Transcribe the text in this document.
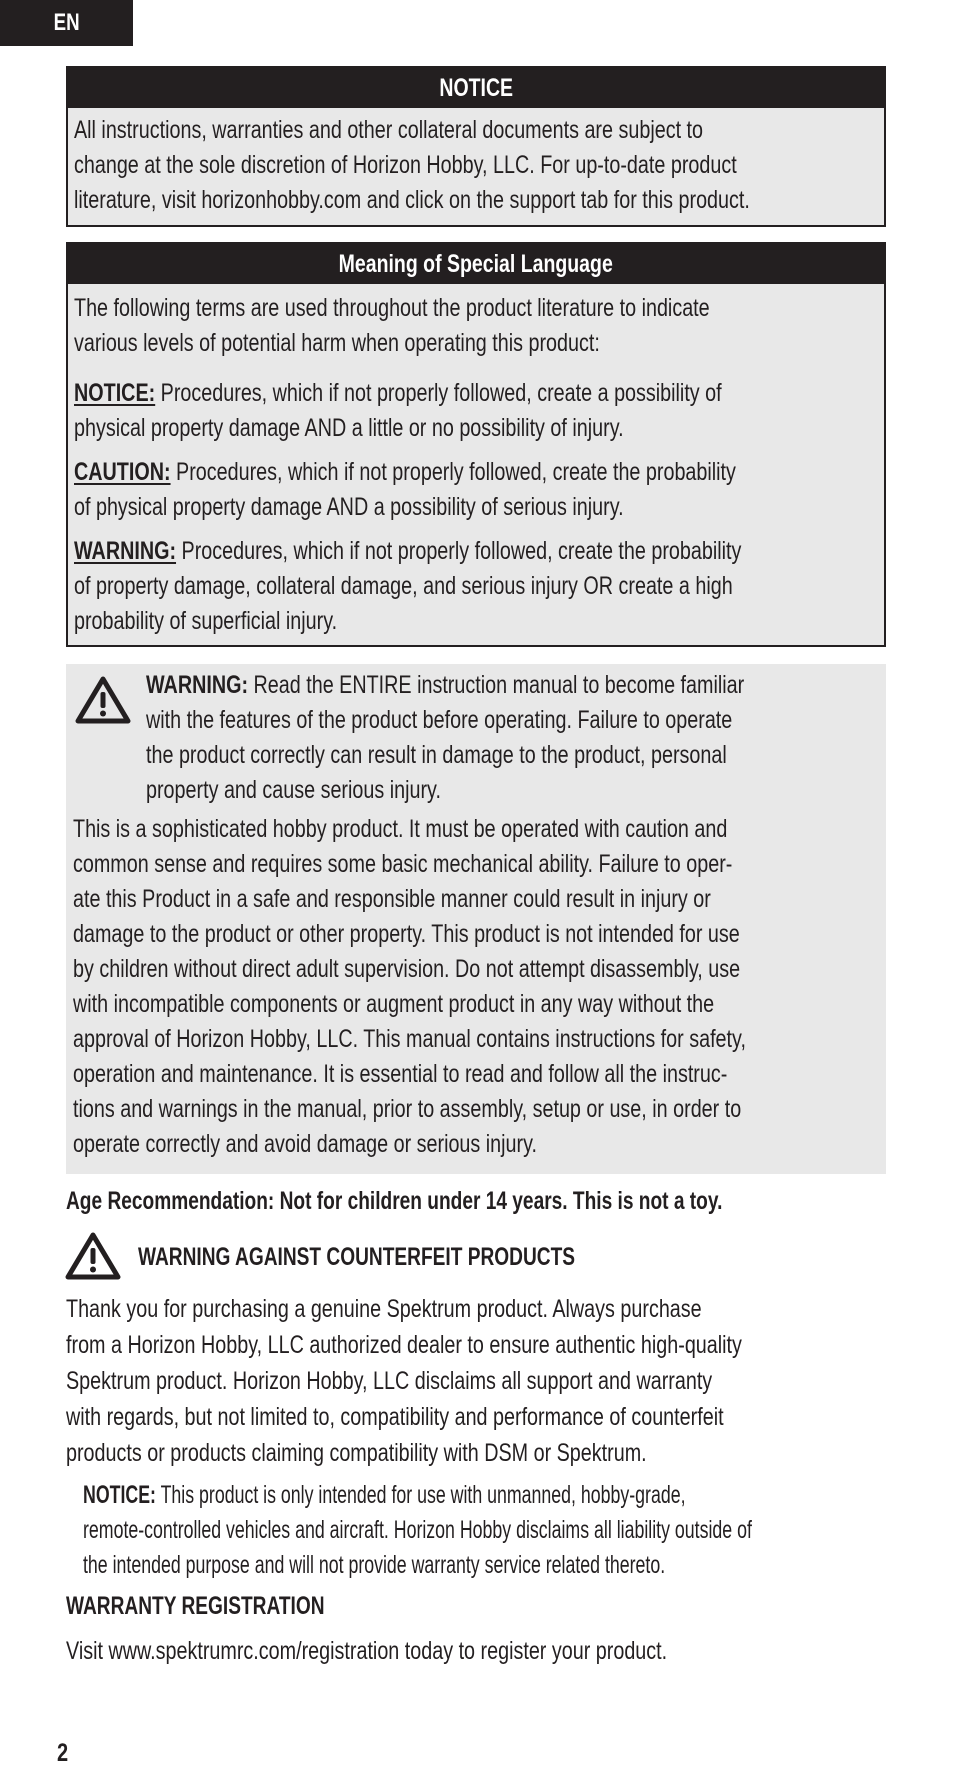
EN
NOTICE
All instructions, warranties and other collateral documents are subject to
change at the sole discretion of Horizon Hobby, LLC. For up-to-date product
literature, visit horizonhobby.com and click on the support tab for this product.
Meaning of Special Language
The following terms are used throughout the product literature to indicate
various levels of potential harm when operating this product:
NOTICE: Procedures, which if not properly followed, create a possibility of
physical property damage AND a little or no possibility of injury.
CAUTION: Procedures, which if not properly followed, create the probability
of physical property damage AND a possibility of serious injury.
WARNING: Procedures, which if not properly followed, create the probability
of property damage, collateral damage, and serious injury OR create a high
probability of superficial injury.
WARNING: Read the ENTIRE instruction manual to become familiar
with the features of the product before operating. Failure to operate
the product correctly can result in damage to the product, personal
property and cause serious injury.
This is a sophisticated hobby product. It must be operated with caution and
common sense and requires some basic mechanical ability. Failure to oper-
ate this Product in a safe and responsible manner could result in injury or
damage to the product or other property. This product is not intended for use
by children without direct adult supervision. Do not attempt disassembly, use
with incompatible components or augment product in any way without the
approval of Horizon Hobby, LLC. This manual contains instructions for safety,
operation and maintenance. It is essential to read and follow all the instruc-
tions and warnings in the manual, prior to assembly, setup or use, in order to
operate correctly and avoid damage or serious injury.
Age Recommendation: Not for children under 14 years. This is not a toy.
WARNING AGAINST COUNTERFEIT PRODUCTS
Thank you for purchasing a genuine Spektrum product. Always purchase
from a Horizon Hobby, LLC authorized dealer to ensure authentic high-quality
Spektrum product. Horizon Hobby, LLC disclaims all support and warranty
with regards, but not limited to, compatibility and performance of counterfeit
products or products claiming compatibility with DSM or Spektrum.
NOTICE: This product is only intended for use with unmanned, hobby-grade,
remote-controlled vehicles and aircraft. Horizon Hobby disclaims all liability outside of
the intended purpose and will not provide warranty service related thereto.
WARRANTY REGISTRATION
Visit www.spektrumrc.com/registration today to register your product.
2
